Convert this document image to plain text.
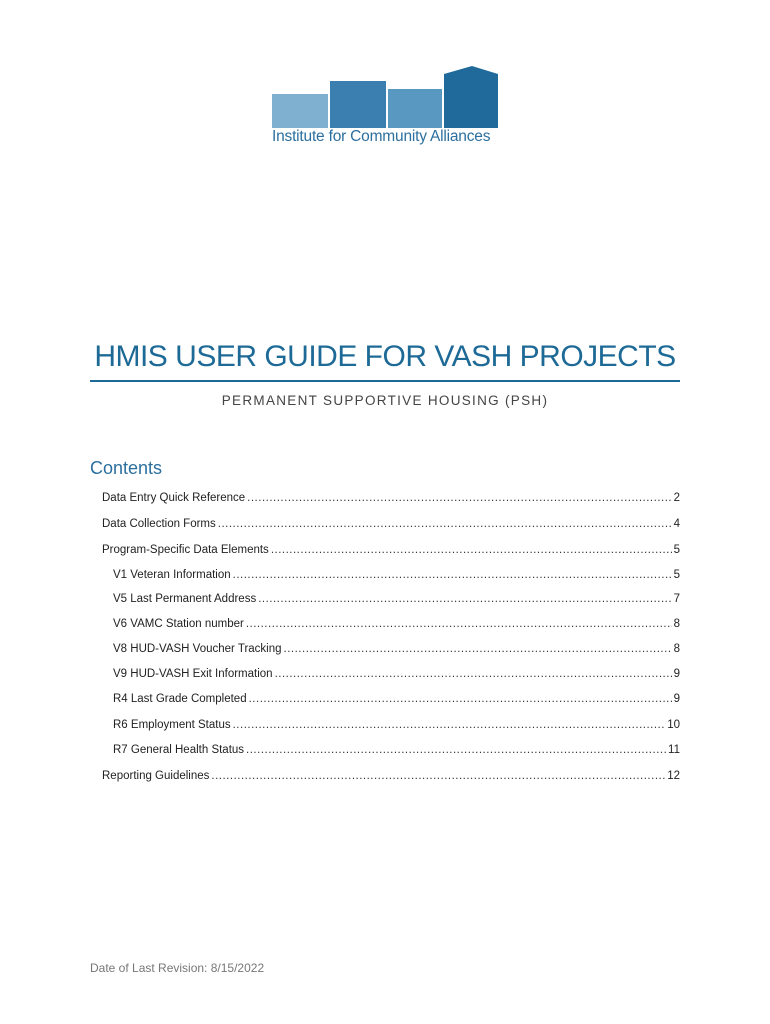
Institute for Community Alliances
HMIS USER GUIDE FOR VASH PROJECTS
PERMANENT SUPPORTIVE HOUSING (PSH)
Contents
Data Entry Quick Reference .....	2
Data Collection Forms .....	4
Program-Specific Data Elements .....	5
V1 Veteran Information .....	5
V5 Last Permanent Address .....	7
V6 VAMC Station number .....	8
V8 HUD-VASH Voucher Tracking .....	8
V9 HUD-VASH Exit Information .....	9
R4 Last Grade Completed .....	9
R6 Employment Status .....	10
R7 General Health Status .....	11
Reporting Guidelines .....	12
Date of Last Revision: 8/15/2022
